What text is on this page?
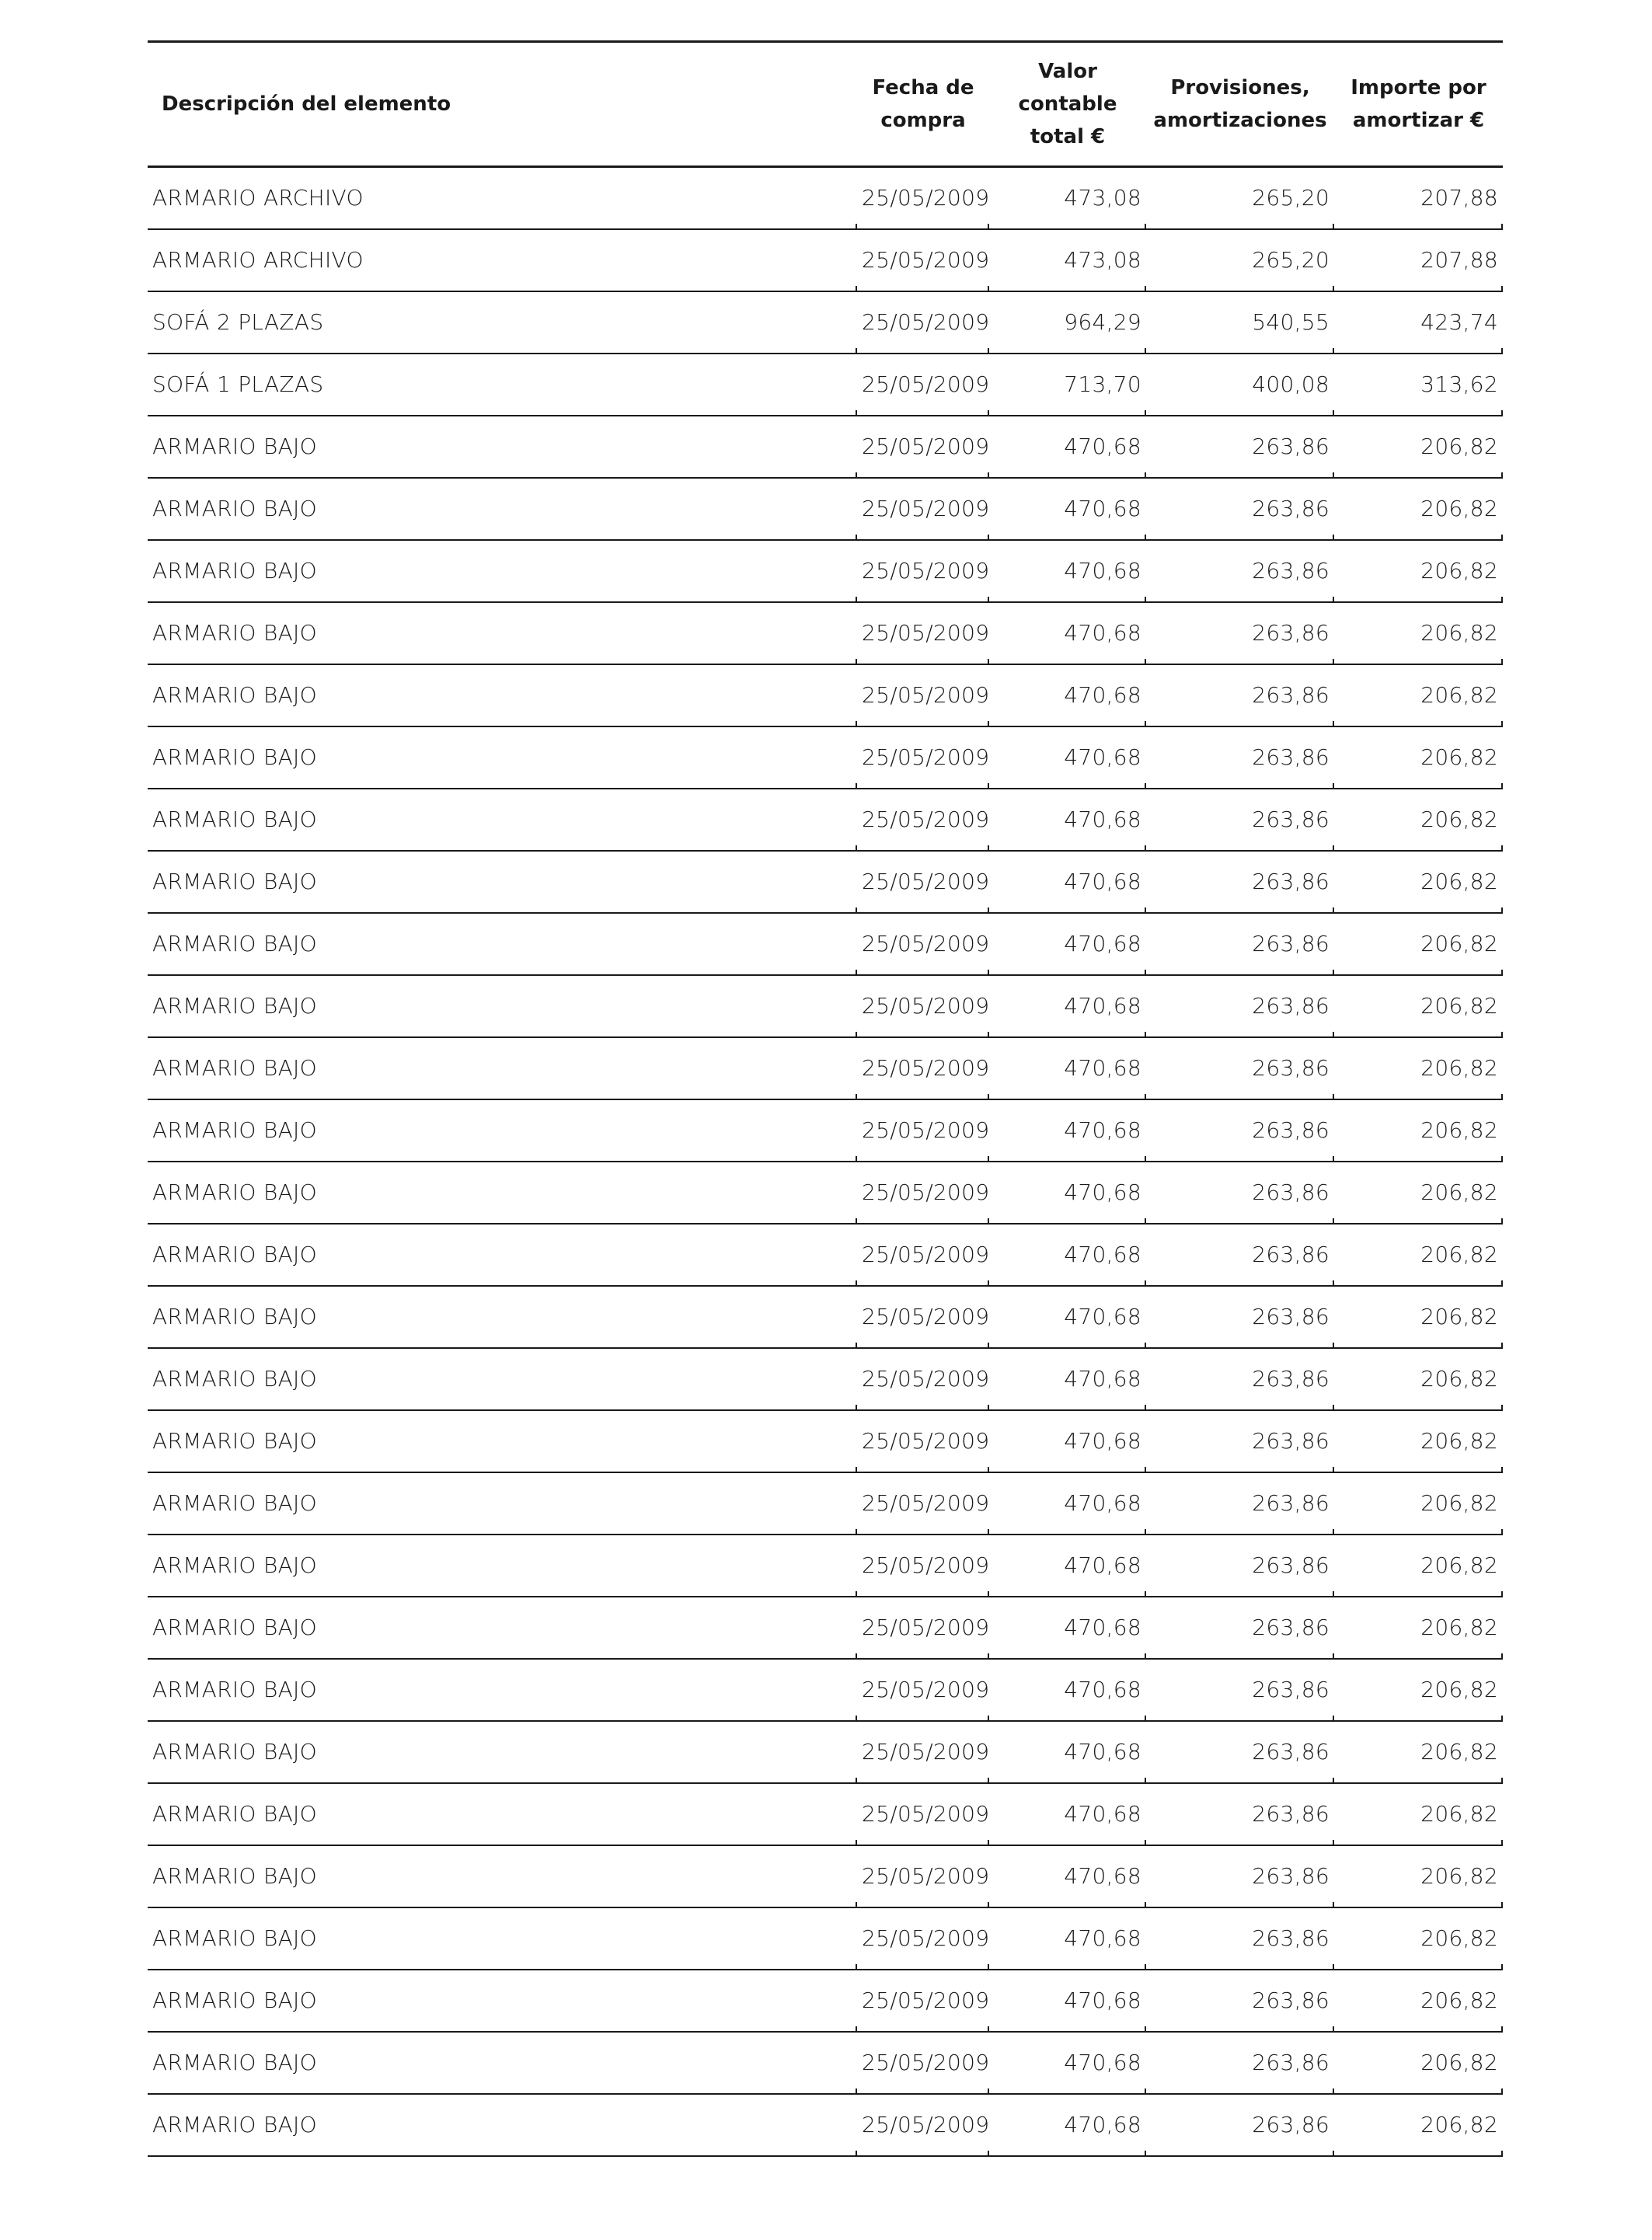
Descripción del elemento	Fecha de compra	Valor contable total €	Provisiones, amortizaciones	Importe por amortizar €
ARMARIO ARCHIVO	25/05/2009	473,08	265,20	207,88
ARMARIO ARCHIVO	25/05/2009	473,08	265,20	207,88
SOFÁ 2 PLAZAS	25/05/2009	964,29	540,55	423,74
SOFÁ 1 PLAZAS	25/05/2009	713,70	400,08	313,62
ARMARIO BAJO	25/05/2009	470,68	263,86	206,82
ARMARIO BAJO	25/05/2009	470,68	263,86	206,82
ARMARIO BAJO	25/05/2009	470,68	263,86	206,82
ARMARIO BAJO	25/05/2009	470,68	263,86	206,82
ARMARIO BAJO	25/05/2009	470,68	263,86	206,82
ARMARIO BAJO	25/05/2009	470,68	263,86	206,82
ARMARIO BAJO	25/05/2009	470,68	263,86	206,82
ARMARIO BAJO	25/05/2009	470,68	263,86	206,82
ARMARIO BAJO	25/05/2009	470,68	263,86	206,82
ARMARIO BAJO	25/05/2009	470,68	263,86	206,82
ARMARIO BAJO	25/05/2009	470,68	263,86	206,82
ARMARIO BAJO	25/05/2009	470,68	263,86	206,82
ARMARIO BAJO	25/05/2009	470,68	263,86	206,82
ARMARIO BAJO	25/05/2009	470,68	263,86	206,82
ARMARIO BAJO	25/05/2009	470,68	263,86	206,82
ARMARIO BAJO	25/05/2009	470,68	263,86	206,82
ARMARIO BAJO	25/05/2009	470,68	263,86	206,82
ARMARIO BAJO	25/05/2009	470,68	263,86	206,82
ARMARIO BAJO	25/05/2009	470,68	263,86	206,82
ARMARIO BAJO	25/05/2009	470,68	263,86	206,82
ARMARIO BAJO	25/05/2009	470,68	263,86	206,82
ARMARIO BAJO	25/05/2009	470,68	263,86	206,82
ARMARIO BAJO	25/05/2009	470,68	263,86	206,82
ARMARIO BAJO	25/05/2009	470,68	263,86	206,82
ARMARIO BAJO	25/05/2009	470,68	263,86	206,82
ARMARIO BAJO	25/05/2009	470,68	263,86	206,82
ARMARIO BAJO	25/05/2009	470,68	263,86	206,82
ARMARIO BAJO	25/05/2009	470,68	263,86	206,82
